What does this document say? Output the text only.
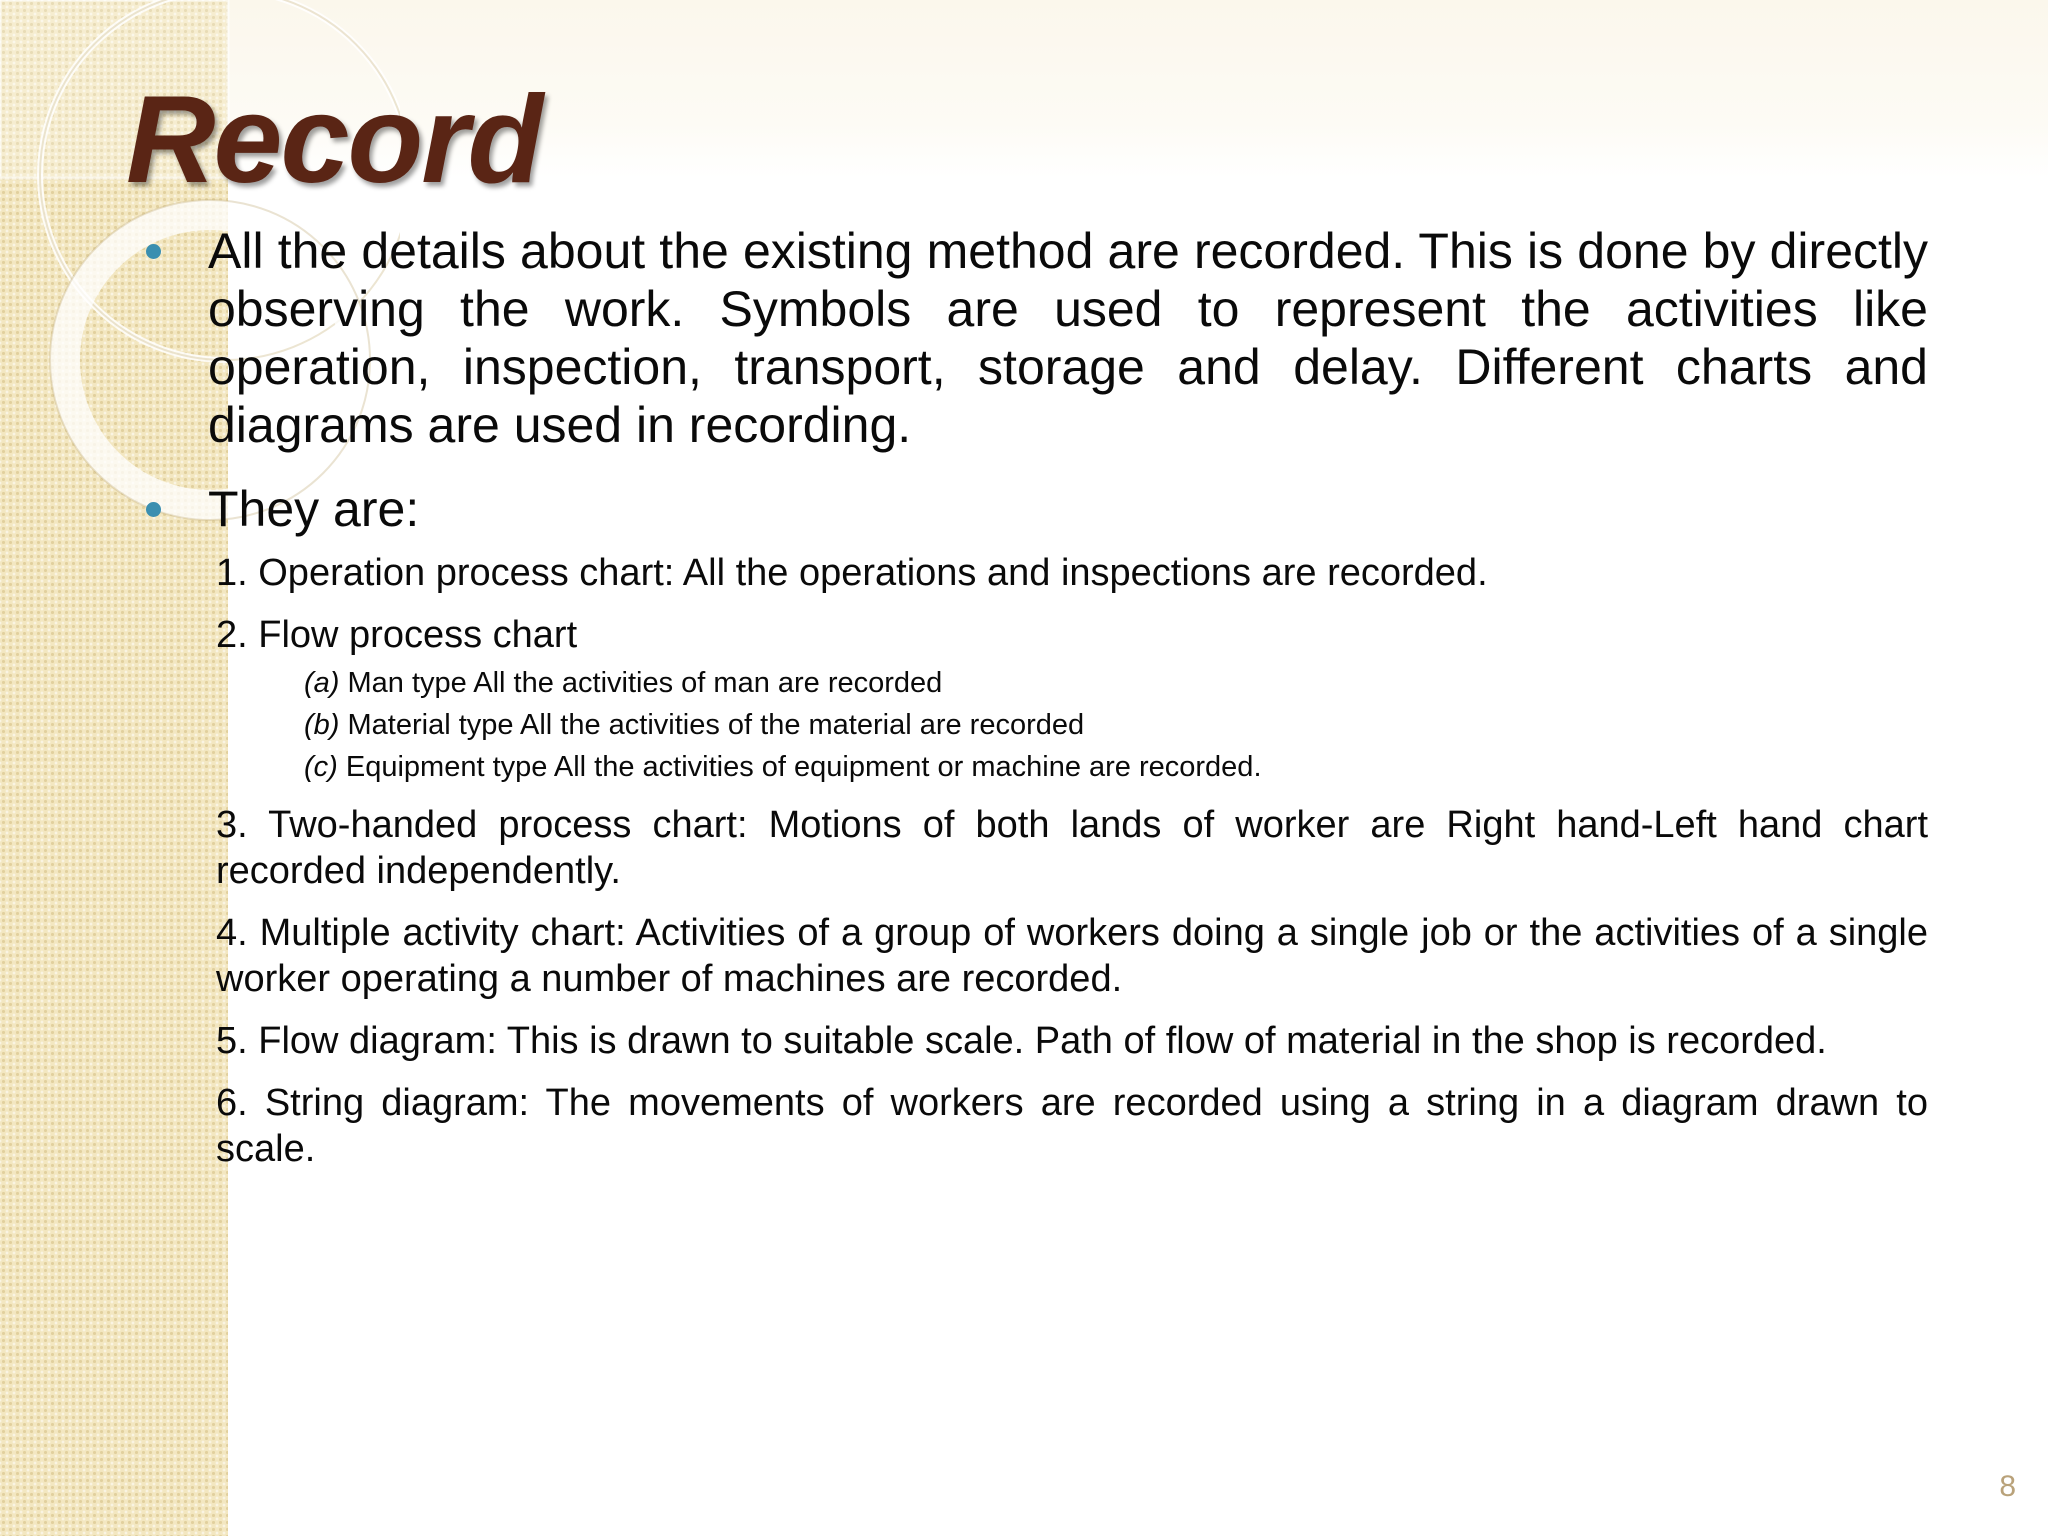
Record
All the details about the existing method are recorded. This is done by directly observing the work. Symbols are used to represent the activities like operation, inspection, transport, storage and delay. Different charts and diagrams are used in recording.
They are:
1. Operation process chart: All the operations and inspections are recorded.
2. Flow process chart
(a) Man type All the activities of man are recorded
(b) Material type All the activities of the material are recorded
(c) Equipment type All the activities of equipment or machine are recorded.
3. Two-handed process chart: Motions of both lands of worker are Right hand-Left hand chart recorded independently.
4. Multiple activity chart: Activities of a group of workers doing a single job or the activities of a single worker operating a number of machines are recorded.
5. Flow diagram: This is drawn to suitable scale. Path of flow of material in the shop is recorded.
6. String diagram: The movements of workers are recorded using a string in a diagram drawn to scale.
8
